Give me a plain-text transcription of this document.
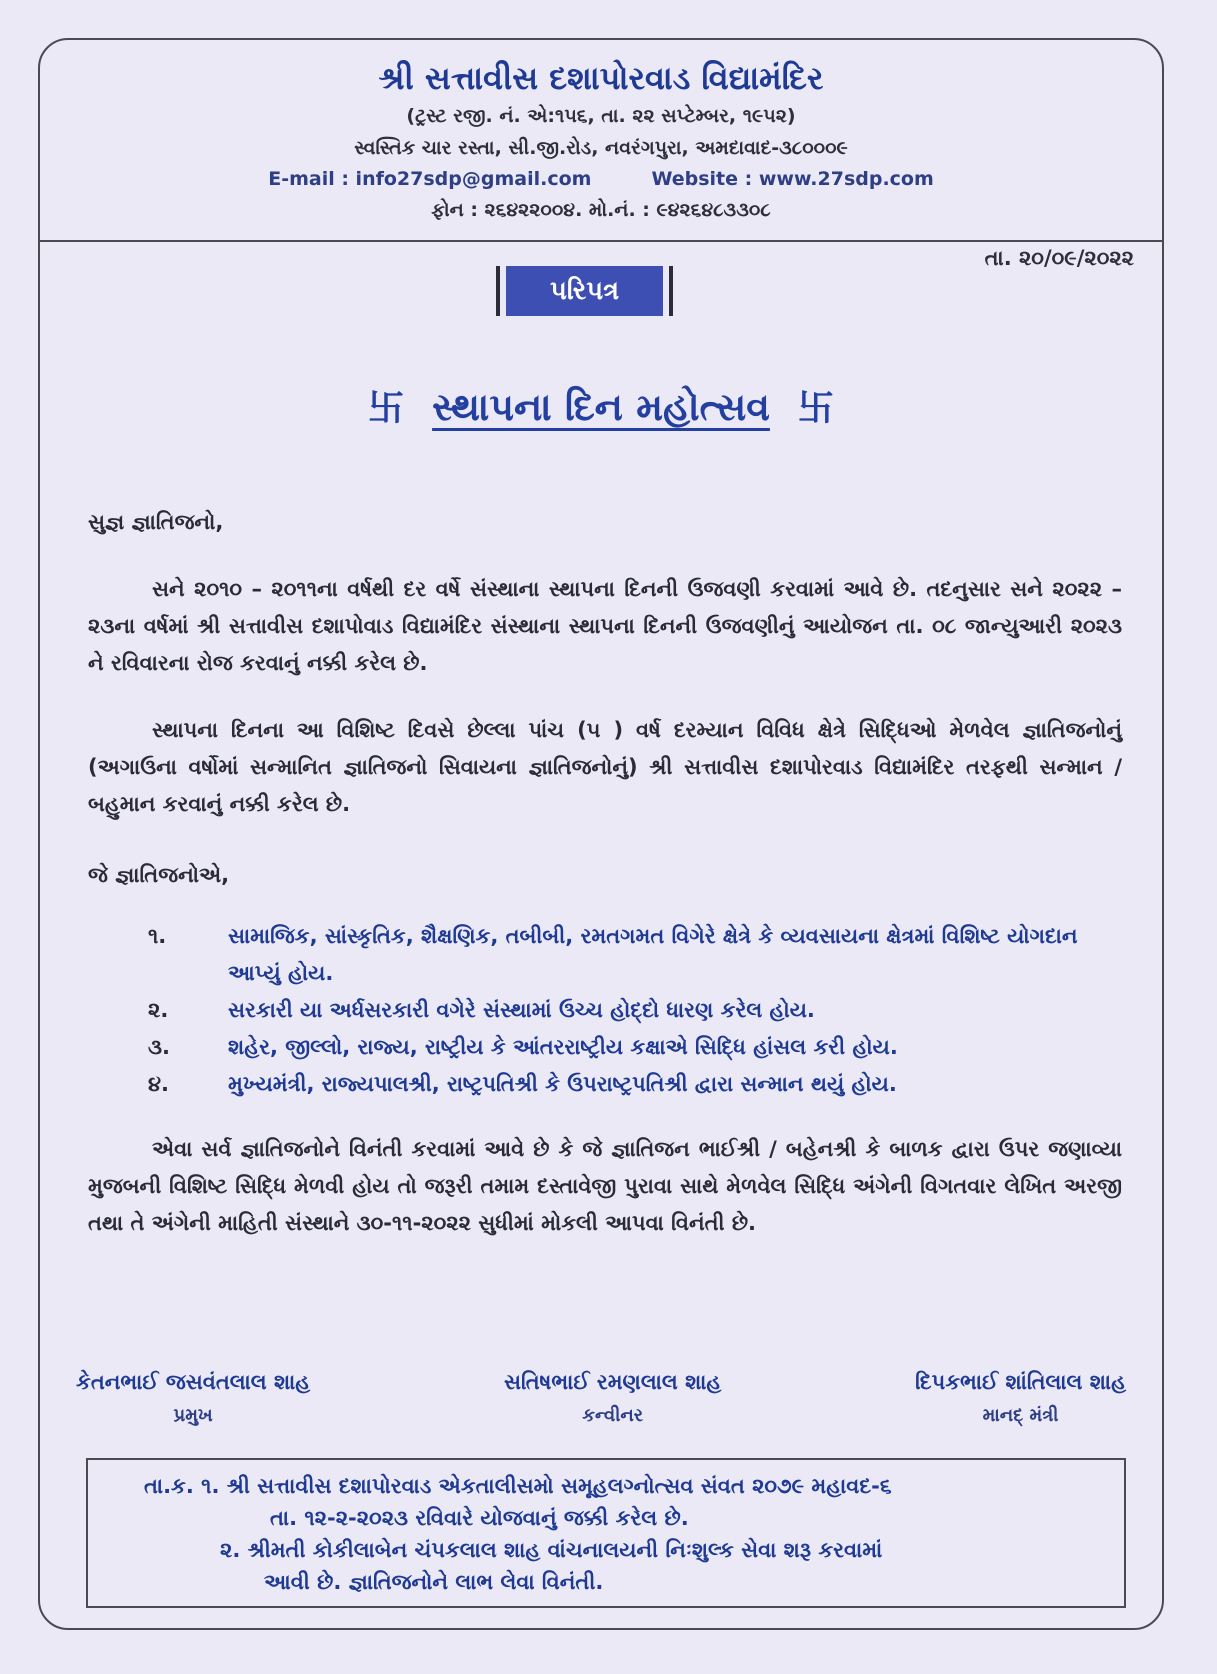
શ્રી સત્તાવીસ દશાપોરવાડ વિદ્યામંદિર
(ટ્રસ્ટ રજી. નં. એ:૧૫૬, તા. ૨૨ સપ્ટેમ્બર, ૧૯૫૨)
સ્વસ્તિક ચાર રસ્તા, સી.જી.રોડ, નવરંગપુરા, અમદાવાદ-૩૮૦૦૦૯
E-mail : info27sdp@gmail.com	Website : www.27sdp.com
ફોન : ૨૬૪૨૨૦૦૪. મો.નં. : ૯૪૨૬૪૮૩૩૦૮
તા. ૨૦/૦૯/૨૦૨૨
પરિપત્ર
卐 સ્થાપના દિન મહોત્સવ 卐
સુજ્ઞ જ્ઞાતિજનો,
સને ૨૦૧૦ – ૨૦૧૧ના વર્ષથી દર વર્ષે સંસ્થાના સ્થાપના દિનની ઉજવણી કરવામાં આવે છે. તદનુસાર સને ૨૦૨૨ – ૨૩ના વર્ષમાં શ્રી સત્તાવીસ દશાપોવાડ વિદ્યામંદિર સંસ્થાના સ્થાપના દિનની ઉજવણીનું આયોજન તા. ૦૮ જાન્યુઆરી ૨૦૨૩ ને રવિવારના રોજ કરવાનું નક્કી કરેલ છે.
સ્થાપના દિનના આ વિશિષ્ટ દિવસે છેલ્લા પાંચ (૫ ) વર્ષ દરમ્યાન વિવિધ ક્ષેત્રે સિદ્ધિઓ મેળવેલ જ્ઞાતિજનોનું (અગાઉના વર્ષોમાં સન્માનિત જ્ઞાતિજનો સિવાયના જ્ઞાતિજનોનું) શ્રી સત્તાવીસ દશાપોરવાડ વિદ્યામંદિર તરફથી સન્માન / બહુમાન કરવાનું નક્કી કરેલ છે.
જે જ્ઞાતિજનોએ,
૧.	સામાજિક, સાંસ્કૃતિક, શૈક્ષણિક, તબીબી, રમતગમત વિગેરે ક્ષેત્રે કે વ્યવસાયના ક્ષેત્રમાં વિશિષ્ટ યોગદાન આપ્યું હોય.
૨.	સરકારી યા અર્ધસરકારી વગેરે સંસ્થામાં ઉચ્ચ હોદ્દો ધારણ કરેલ હોય.
૩.	શહેર, જીલ્લો, રાજ્ય, રાષ્ટ્રીય કે આંતરરાષ્ટ્રીય કક્ષાએ સિદ્ધિ હાંસલ કરી હોય.
૪.	મુખ્યમંત્રી, રાજ્યપાલશ્રી, રાષ્ટ્રપતિશ્રી કે ઉપરાષ્ટ્રપતિશ્રી દ્વારા સન્માન થયું હોય.
એવા સર્વ જ્ઞાતિજનોને વિનંતી કરવામાં આવે છે કે જે જ્ઞાતિજન ભાઈશ્રી / બહેનશ્રી કે બાળક દ્વારા ઉપર જણાવ્યા મુજબની વિશિષ્ટ સિદ્ધિ મેળવી હોય તો જરૂરી તમામ દસ્તાવેજી પુરાવા સાથે મેળવેલ સિદ્ધિ અંગેની વિગતવાર લેખિત અરજી તથા તે અંગેની માહિતી સંસ્થાને ૩૦-૧૧-૨૦૨૨ સુધીમાં મોકલી આપવા વિનંતી છે.
કેતનભાઈ જસવંતલાલ શાહ
પ્રમુખ
સતિષભાઈ રમણલાલ શાહ
કન્વીનર
દિપકભાઈ શાંતિલાલ શાહ
માનદ્ મંત્રી
તા.ક. ૧. શ્રી સત્તાવીસ દશાપોરવાડ એકતાલીસમો સમૂહલગ્નોત્સવ સંવત ૨૦૭૯ મહાવદ-૬
તા. ૧૨-૨-૨૦૨૩ રવિવારે યોજવાનું જક્કી કરેલ છે.
૨. શ્રીમતી કોકીલાબેન ચંપકલાલ શાહ વાંચનાલયની નિઃશુલ્ક સેવા શરૂ કરવામાં
આવી છે. જ્ઞાતિજનોને લાભ લેવા વિનંતી.
